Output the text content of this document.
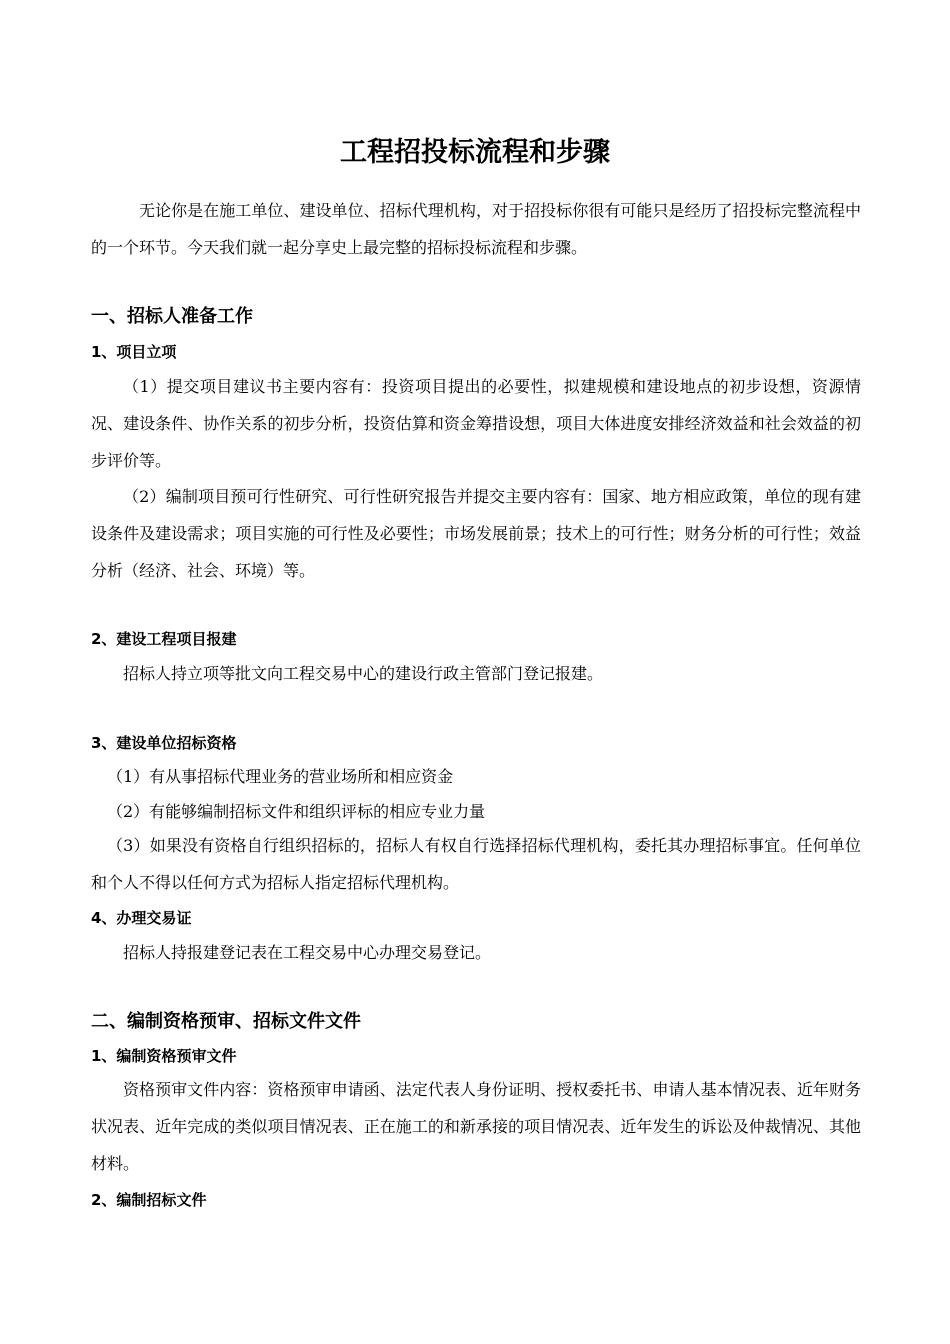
工程招投标流程和步骤

无论你是在施工单位、建设单位、招标代理机构，对于招投标你很有可能只是经历了招投标完整流程中的一个环节。今天我们就一起分享史上最完整的招标投标流程和步骤。

一、招标人准备工作
1、项目立项

（1）提交项目建议书主要内容有：投资项目提出的必要性，拟建规模和建设地点的初步设想，资源情况、建设条件、协作关系的初步分析，投资估算和资金筹措设想，项目大体进度安排经济效益和社会效益的初步评价等。

（2）编制项目预可行性研究、可行性研究报告并提交主要内容有：国家、地方相应政策，单位的现有建设条件及建设需求；项目实施的可行性及必要性；市场发展前景；技术上的可行性；财务分析的可行性；效益分析（经济、社会、环境）等。

2、建设工程项目报建

招标人持立项等批文向工程交易中心的建设行政主管部门登记报建。

3、建设单位招标资格

（1）有从事招标代理业务的营业场所和相应资金

（2）有能够编制招标文件和组织评标的相应专业力量

（3）如果没有资格自行组织招标的，招标人有权自行选择招标代理机构，委托其办理招标事宜。任何单位和个人不得以任何方式为招标人指定招标代理机构。

4、办理交易证

招标人持报建登记表在工程交易中心办理交易登记。

二、编制资格预审、招标文件文件
1、编制资格预审文件

资格预审文件内容：资格预审申请函、法定代表人身份证明、授权委托书、申请人基本情况表、近年财务状况表、近年完成的类似项目情况表、正在施工的和新承接的项目情况表、近年发生的诉讼及仲裁情况、其他材料。

2、编制招标文件
